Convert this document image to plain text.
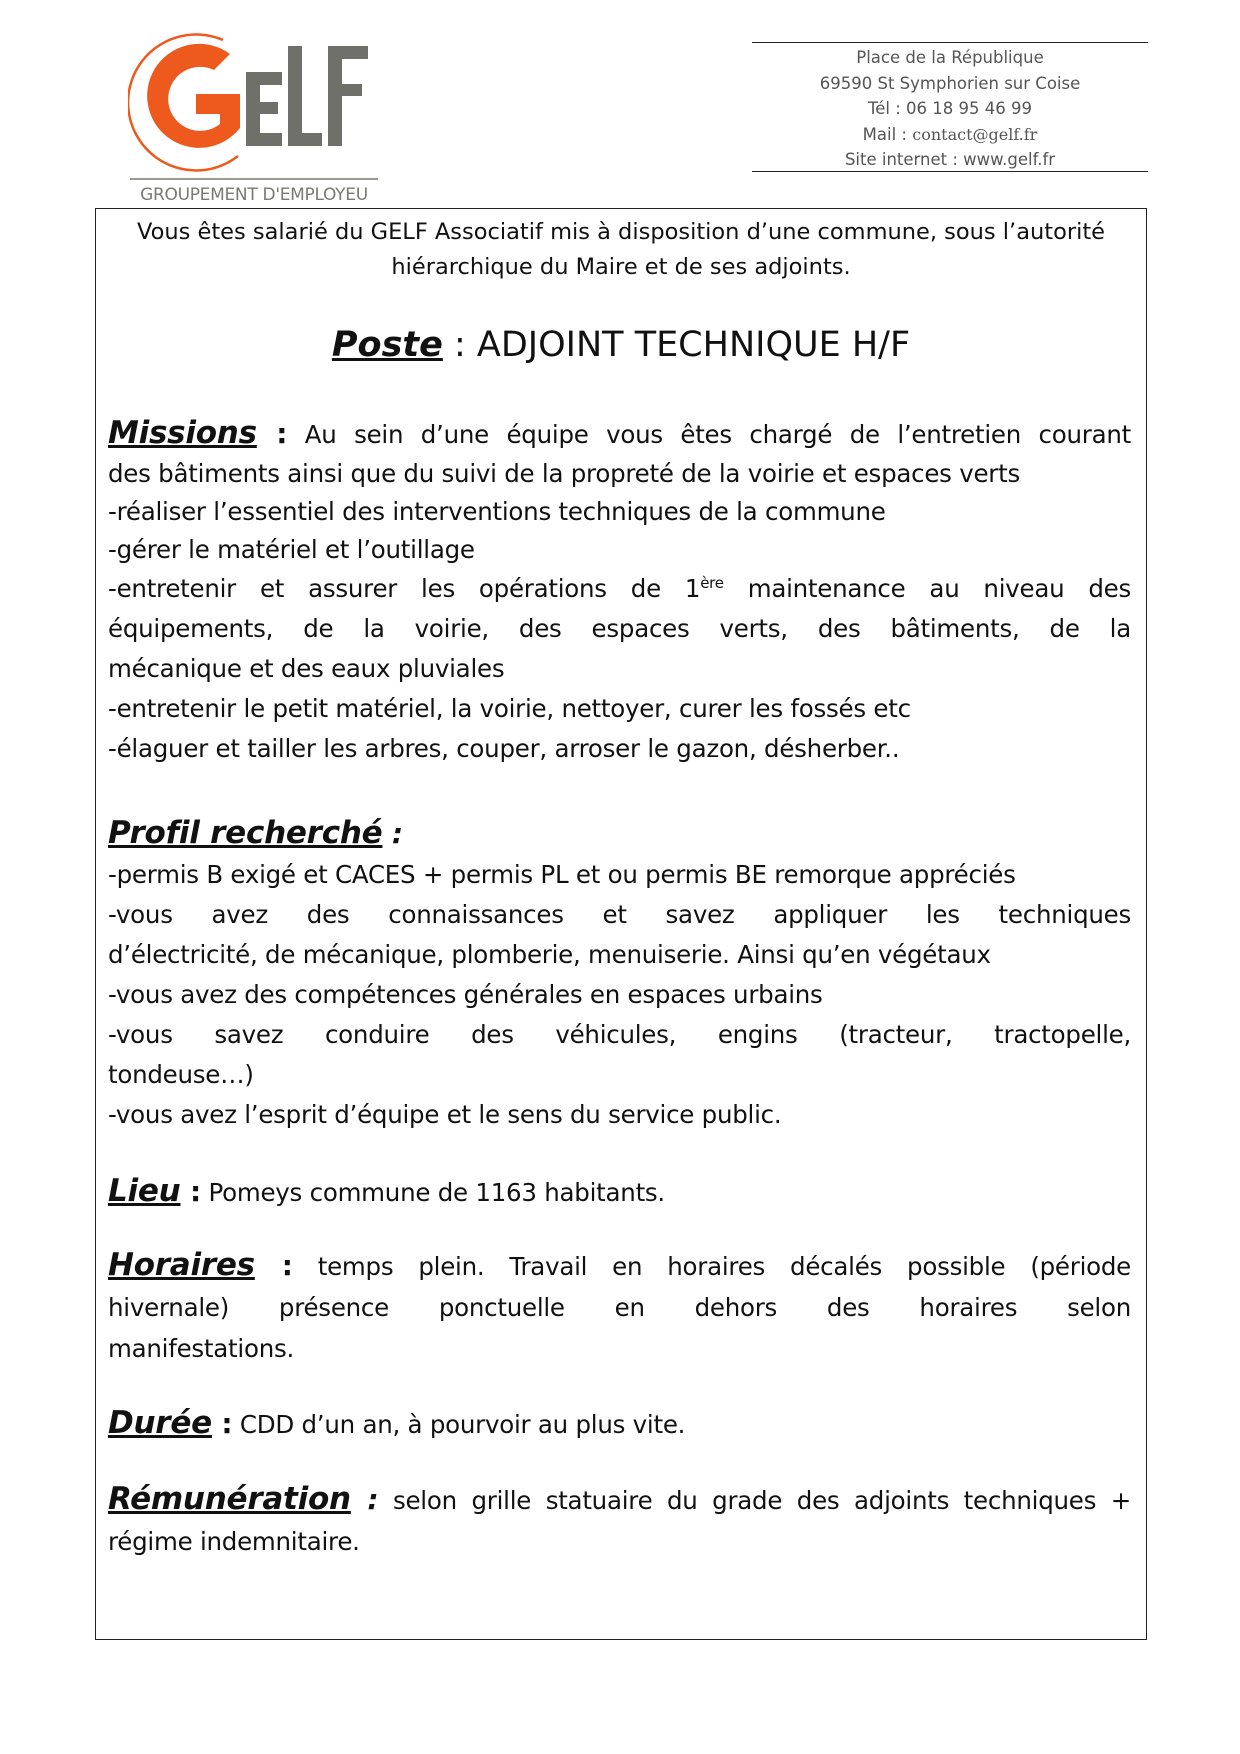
GROUPEMENT D'EMPLOYEU
Place de la République
69590 St Symphorien sur Coise
Tél : 06 18 95 46 99
Mail : contact@gelf.fr
Site internet : www.gelf.fr
Vous êtes salarié du GELF Associatif mis à disposition d’une commune, sous l’autorité
hiérarchique du Maire et de ses adjoints.
Poste : ADJOINT TECHNIQUE H/F

Missions : Au sein d’une équipe vous êtes chargé de l’entretien courant

des bâtiments ainsi que du suivi de la propreté de la voirie et espaces verts

-réaliser l’essentiel des interventions techniques de la commune

-gérer le matériel et l’outillage

-entretenir et assurer les opérations de 1ère maintenance au niveau des

équipements, de la voirie, des espaces verts, des bâtiments, de la

mécanique et des eaux pluviales

-entretenir le petit matériel, la voirie, nettoyer, curer les fossés etc

-élaguer et tailler les arbres, couper, arroser le gazon, désherber..

Profil recherché :

-permis B exigé et CACES + permis PL et ou permis BE remorque appréciés

-vous avez des connaissances et savez appliquer les techniques

d’électricité, de mécanique, plomberie, menuiserie. Ainsi qu’en végétaux

-vous avez des compétences générales en espaces urbains

-vous savez conduire des véhicules, engins (tracteur, tractopelle,

tondeuse…)

-vous avez l’esprit d’équipe et le sens du service public.

Lieu : Pomeys commune de 1163 habitants.

Horaires : temps plein. Travail en horaires décalés possible (période

hivernale) présence ponctuelle en dehors des horaires selon

manifestations.

Durée : CDD d’un an, à pourvoir au plus vite.

Rémunération : selon grille statuaire du grade des adjoints techniques +

régime indemnitaire.
